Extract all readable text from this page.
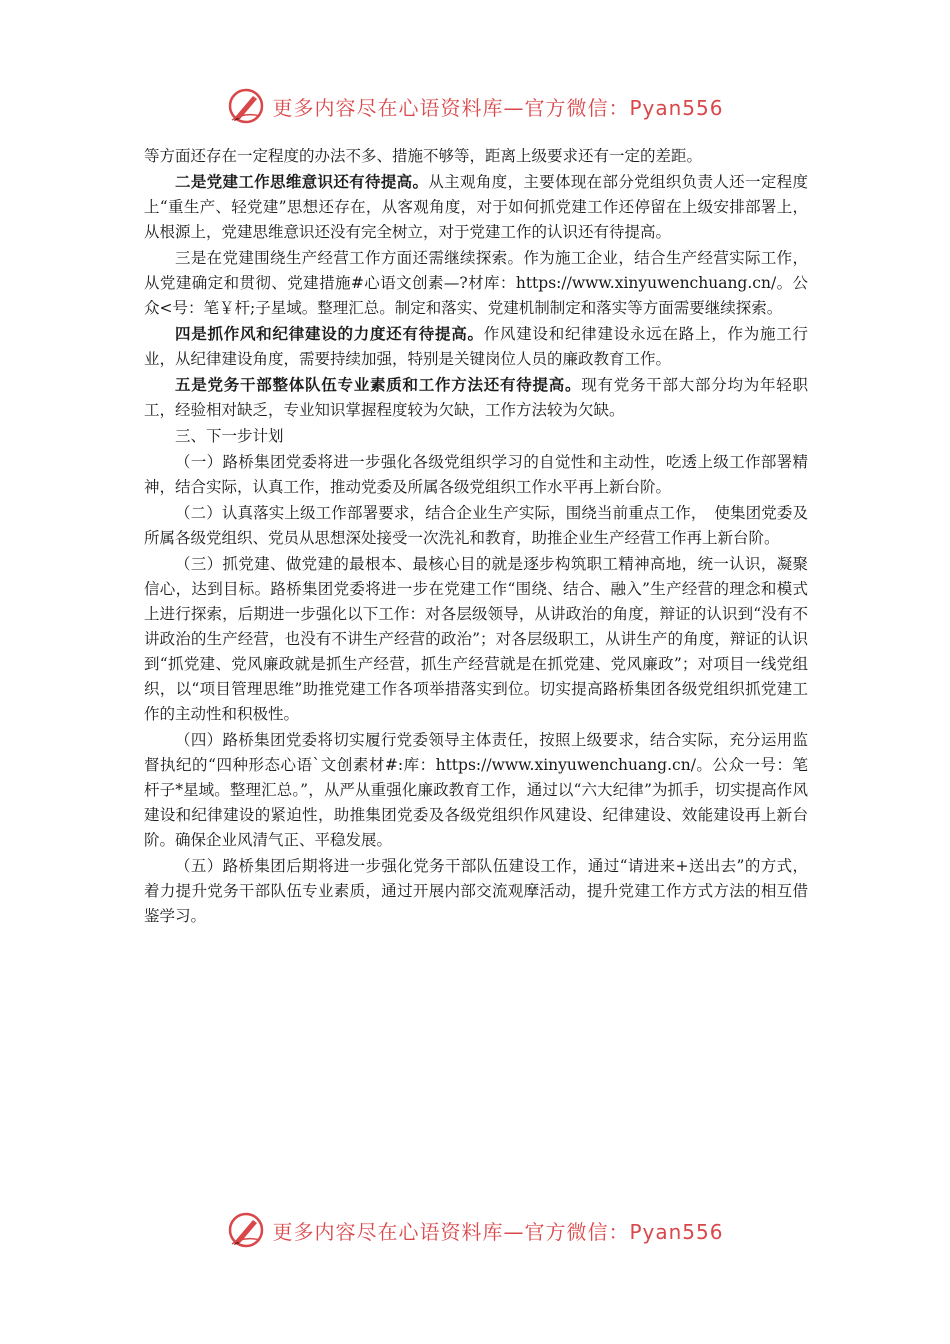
更多内容尽在心语资料库—官方微信：Pyan556

等方面还存在一定程度的办法不多、措施不够等，距离上级要求还有一定的差距。

二是党建工作思维意识还有待提高。从主观角度，主要体现在部分党组织负责人还一定程度上“重生产、轻党建”思想还存在，从客观角度，对于如何抓党建工作还停留在上级安排部署上，从根源上，党建思维意识还没有完全树立，对于党建工作的认识还有待提高。

三是在党建围绕生产经营工作方面还需继续探索。作为施工企业，结合生产经营实际工作，从党建确定和贯彻、党建措施#心语文创素—?材库：https://www.xinyuwenchuang.cn/。公众<号：笔￥杆;子星域。整理汇总。制定和落实、党建机制制定和落实等方面需要继续探索。

四是抓作风和纪律建设的力度还有待提高。作风建设和纪律建设永远在路上，作为施工行业，从纪律建设角度，需要持续加强，特别是关键岗位人员的廉政教育工作。

五是党务干部整体队伍专业素质和工作方法还有待提高。现有党务干部大部分均为年轻职工，经验相对缺乏，专业知识掌握程度较为欠缺，工作方法较为欠缺。

三、下一步计划

（一）路桥集团党委将进一步强化各级党组织学习的自觉性和主动性，吃透上级工作部署精神，结合实际，认真工作，推动党委及所属各级党组织工作水平再上新台阶。

（二）认真落实上级工作部署要求，结合企业生产实际，围绕当前重点工作，　使集团党委及所属各级党组织、党员从思想深处接受一次洗礼和教育，助推企业生产经营工作再上新台阶。

（三）抓党建、做党建的最根本、最核心目的就是逐步构筑职工精神高地，统一认识，凝聚信心，达到目标。路桥集团党委将进一步在党建工作“围绕、结合、融入”生产经营的理念和模式上进行探索，后期进一步强化以下工作：对各层级领导，从讲政治的角度，辩证的认识到“没有不讲政治的生产经营，也没有不讲生产经营的政治”；对各层级职工，从讲生产的角度，辩证的认识到“抓党建、党风廉政就是抓生产经营，抓生产经营就是在抓党建、党风廉政”；对项目一线党组织，以“项目管理思维”助推党建工作各项举措落实到位。切实提高路桥集团各级党组织抓党建工作的主动性和积极性。

（四）路桥集团党委将切实履行党委领导主体责任，按照上级要求，结合实际，充分运用监督执纪的“四种形态心语`文创素材#:库：https://www.xinyuwenchuang.cn/。公众一号：笔杆子*星域。整理汇总。”，从严从重强化廉政教育工作，通过以“六大纪律”为抓手，切实提高作风建设和纪律建设的紧迫性，助推集团党委及各级党组织作风建设、纪律建设、效能建设再上新台阶。确保企业风清气正、平稳发展。

（五）路桥集团后期将进一步强化党务干部队伍建设工作，通过“请进来+送出去”的方式，着力提升党务干部队伍专业素质，通过开展内部交流观摩活动，提升党建工作方式方法的相互借鉴学习。

更多内容尽在心语资料库—官方微信：Pyan556
